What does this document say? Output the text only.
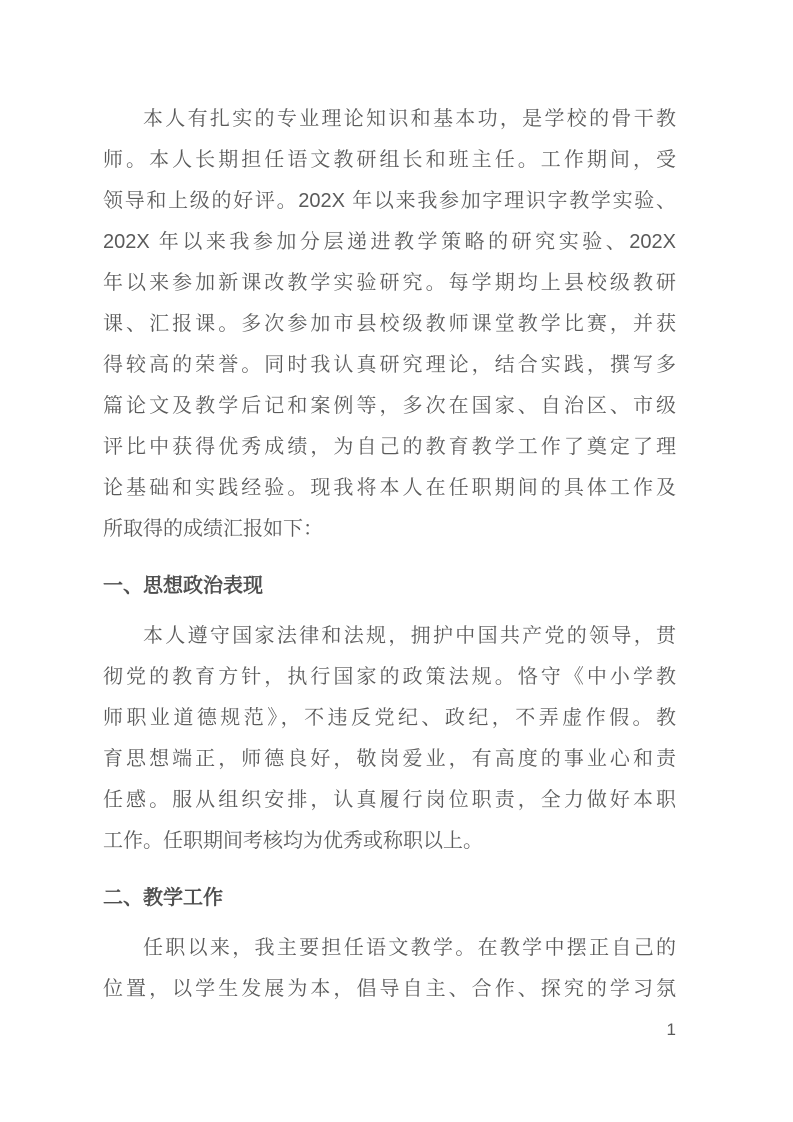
本人有扎实的专业理论知识和基本功，是学校的骨干教
师。本人长期担任语文教研组长和班主任。工作期间，受
领导和上级的好评。202X 年以来我参加字理识字教学实验、
202X 年以来我参加分层递进教学策略的研究实验、202X
年以来参加新课改教学实验研究。每学期均上县校级教研
课、汇报课。多次参加市县校级教师课堂教学比赛，并获
得较高的荣誉。同时我认真研究理论，结合实践，撰写多
篇论文及教学后记和案例等，多次在国家、自治区、市级
评比中获得优秀成绩，为自己的教育教学工作了奠定了理
论基础和实践经验。现我将本人在任职期间的具体工作及
所取得的成绩汇报如下：
一、思想政治表现
本人遵守国家法律和法规，拥护中国共产党的领导，贯
彻党的教育方针，执行国家的政策法规。恪守《中小学教
师职业道德规范》，不违反党纪、政纪，不弄虚作假。教
育思想端正，师德良好，敬岗爱业，有高度的事业心和责
任感。服从组织安排，认真履行岗位职责，全力做好本职
工作。任职期间考核均为优秀或称职以上。
二、教学工作
任职以来，我主要担任语文教学。在教学中摆正自己的
位置，以学生发展为本，倡导自主、合作、探究的学习氛
1
